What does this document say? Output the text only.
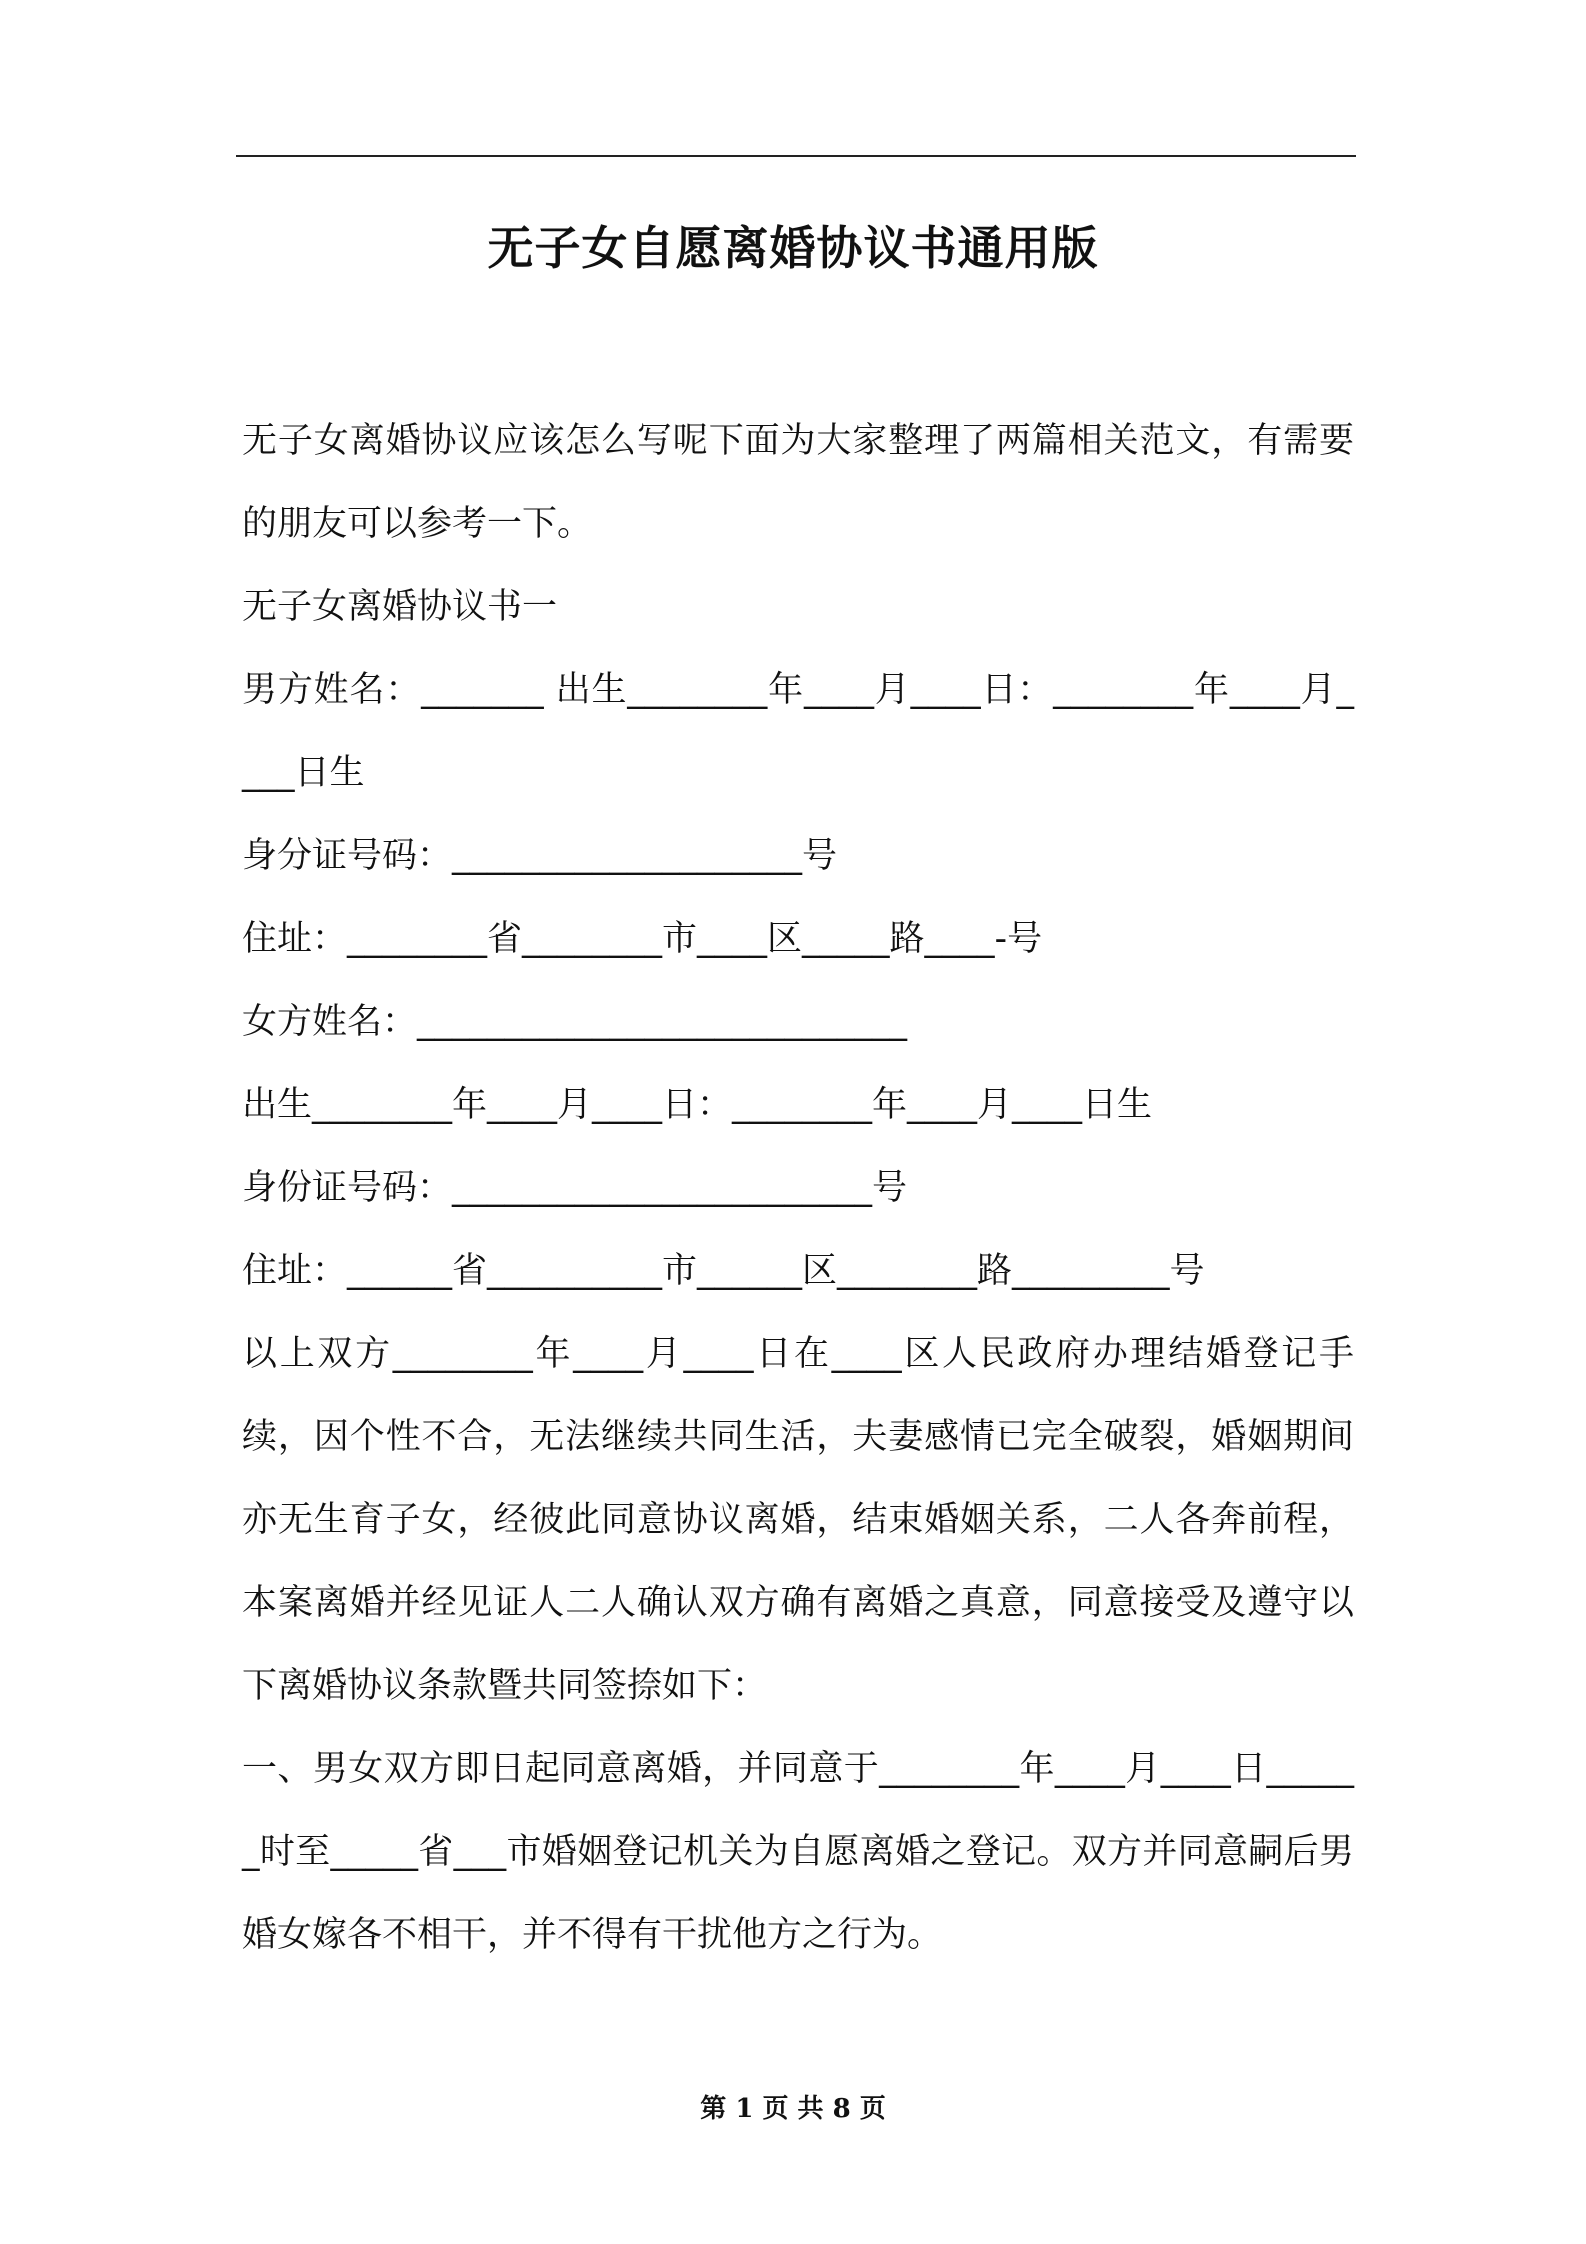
无子女自愿离婚协议书通用版

无子女离婚协议应该怎么写呢下面为大家整理了两篇相关范文，有需要的朋友可以参考一下。

无子女离婚协议书一

男方姓名：_______ 出生________年____月____日：________年____月____日生

身分证号码：____________________号

住址：________省________市____区_____路____-号

女方姓名：____________________________

出生________年____月____日：________年____月____日生

身份证号码：________________________号

住址：______省__________市______区________路_________号

以上双方________年____月____日在____区人民政府办理结婚登记手续，因个性不合，无法继续共同生活，夫妻感情已完全破裂，婚姻期间亦无生育子女，经彼此同意协议离婚，结束婚姻关系，二人各奔前程，本案离婚并经见证人二人确认双方确有离婚之真意，同意接受及遵守以下离婚协议条款暨共同签捺如下：

一、男女双方即日起同意离婚，并同意于________年____月____日______时至_____省___市婚姻登记机关为自愿离婚之登记。双方并同意嗣后男婚女嫁各不相干，并不得有干扰他方之行为。

第 1 页 共 8 页
